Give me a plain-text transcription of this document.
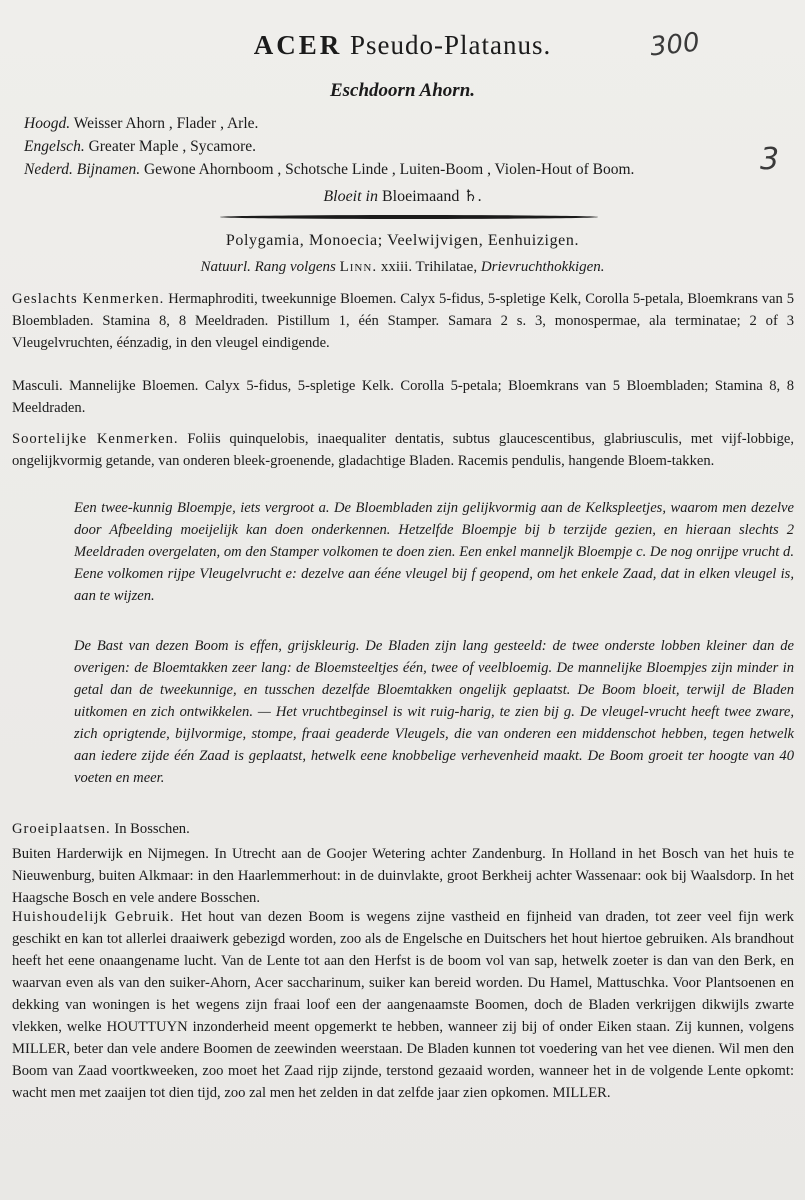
ACER Pseudo-Platanus.	300
Eschdoorn Ahorn.
Hoogd. Weisser Ahorn , Flader , Arle.
Engelsch. Greater Maple , Sycamore.
Nederd. Bijnamen. Gewone Ahornboom , Schotsche Linde , Luiten-Boom , Violen-Hout of Boom.	3
Bloeit in Bloeimaand ♄.
Polygamia, Monoecia; Veelwijvigen, Eenhuizigen.
Natuurl. Rang volgens Linn. xxiii. Trihilatae, Drievruchthokkigen.
Geslachts Kenmerken. Hermaphroditi, tweekunnige Bloemen. Calyx 5-fidus, 5-spletige Kelk, Corolla 5-petala, Bloemkrans van 5 Bloembladen. Stamina 8, 8 Meeldraden. Pistillum 1, één Stamper. Samara 2 s. 3, monospermae, ala terminatae; 2 of 3 Vleugelvruchten, éénzadig, in den vleugel eindigende.
Masculi. Mannelijke Bloemen. Calyx 5-fidus, 5-spletige Kelk. Corolla 5-petala; Bloemkrans van 5 Bloembladen; Stamina 8, 8 Meeldraden.
Soortelijke Kenmerken. Foliis quinquelobis, inaequaliter dentatis, subtus glaucescentibus, glabriusculis, met vijf-lobbige, ongelijkvormig getande, van onderen bleek-groenende, gladachtige Bladen. Racemis pendulis, hangende Bloem-takken.
Een twee-kunnig Bloempje, iets vergroot a. De Bloembladen zijn gelijkvormig aan de Kelkspleetjes, waarom men dezelve door Afbeelding moeijelijk kan doen onderkennen. Hetzelfde Bloempje bij b terzijde gezien, en hieraan slechts 2 Meeldraden overgelaten, om den Stamper volkomen te doen zien. Een enkel manneljk Bloempje c. De nog onrijpe vrucht d. Eene volkomen rijpe Vleugelvrucht e: dezelve aan ééne vleugel bij f geopend, om het enkele Zaad, dat in elken vleugel is, aan te wijzen.
De Bast van dezen Boom is effen, grijskleurig. De Bladen zijn lang gesteeld: de twee onderste lobben kleiner dan de overigen: de Bloemtakken zeer lang: de Bloemsteeltjes één, twee of veelbloemig. De mannelijke Bloempjes zijn minder in getal dan de tweekunnige, en tusschen dezelfde Bloemtakken ongelijk geplaatst. De Boom bloeit, terwijl de Bladen uitkomen en zich ontwikkelen. — Het vruchtbeginsel is wit ruig-harig, te zien bij g. De vleugel-vrucht heeft twee zware, zich oprigtende, bijlvormige, stompe, fraai geaderde Vleugels, die van onderen een middenschot hebben, tegen hetwelk aan iedere zijde één Zaad is geplaatst, hetwelk eene knobbelige verhevenheid maakt. De Boom groeit ter hoogte van 40 voeten en meer.
Groeiplaatsen. In Bosschen.
Buiten Harderwijk en Nijmegen. In Utrecht aan de Goojer Wetering achter Zandenburg. In Holland in het Bosch van het huis te Nieuwenburg, buiten Alkmaar: in den Haarlemmerhout: in de duinvlakte, groot Berkheij achter Wassenaar: ook bij Waalsdorp. In het Haagsche Bosch en vele andere Bosschen.
Huishoudelijk Gebruik. Het hout van dezen Boom is wegens zijne vastheid en fijnheid van draden, tot zeer veel fijn werk geschikt en kan tot allerlei draaiwerk gebezigd worden, zoo als de Engelsche en Duitschers het hout hiertoe gebruiken. Als brandhout heeft het eene onaangename lucht. Van de Lente tot aan den Herfst is de boom vol van sap, hetwelk zoeter is dan van den Berk, en waarvan even als van den suiker-Ahorn, Acer saccharinum, suiker kan bereid worden. Du Hamel, Mattuschka. Voor Plantsoenen en dekking van woningen is het wegens zijn fraai loof een der aangenaamste Boomen, doch de Bladen verkrijgen dikwijls zwarte vlekken, welke HOUTTUYN inzonderheid meent opgemerkt te hebben, wanneer zij bij of onder Eiken staan. Zij kunnen, volgens MILLER, beter dan vele andere Boomen de zeewinden weerstaan. De Bladen kunnen tot voedering van het vee dienen. Wil men den Boom van Zaad voortkweeken, zoo moet het Zaad rijp zijnde, terstond gezaaid worden, wanneer het in de volgende Lente opkomt: wacht men met zaaijen tot dien tijd, zoo zal men het zelden in dat zelfde jaar zien opkomen. MILLER.
